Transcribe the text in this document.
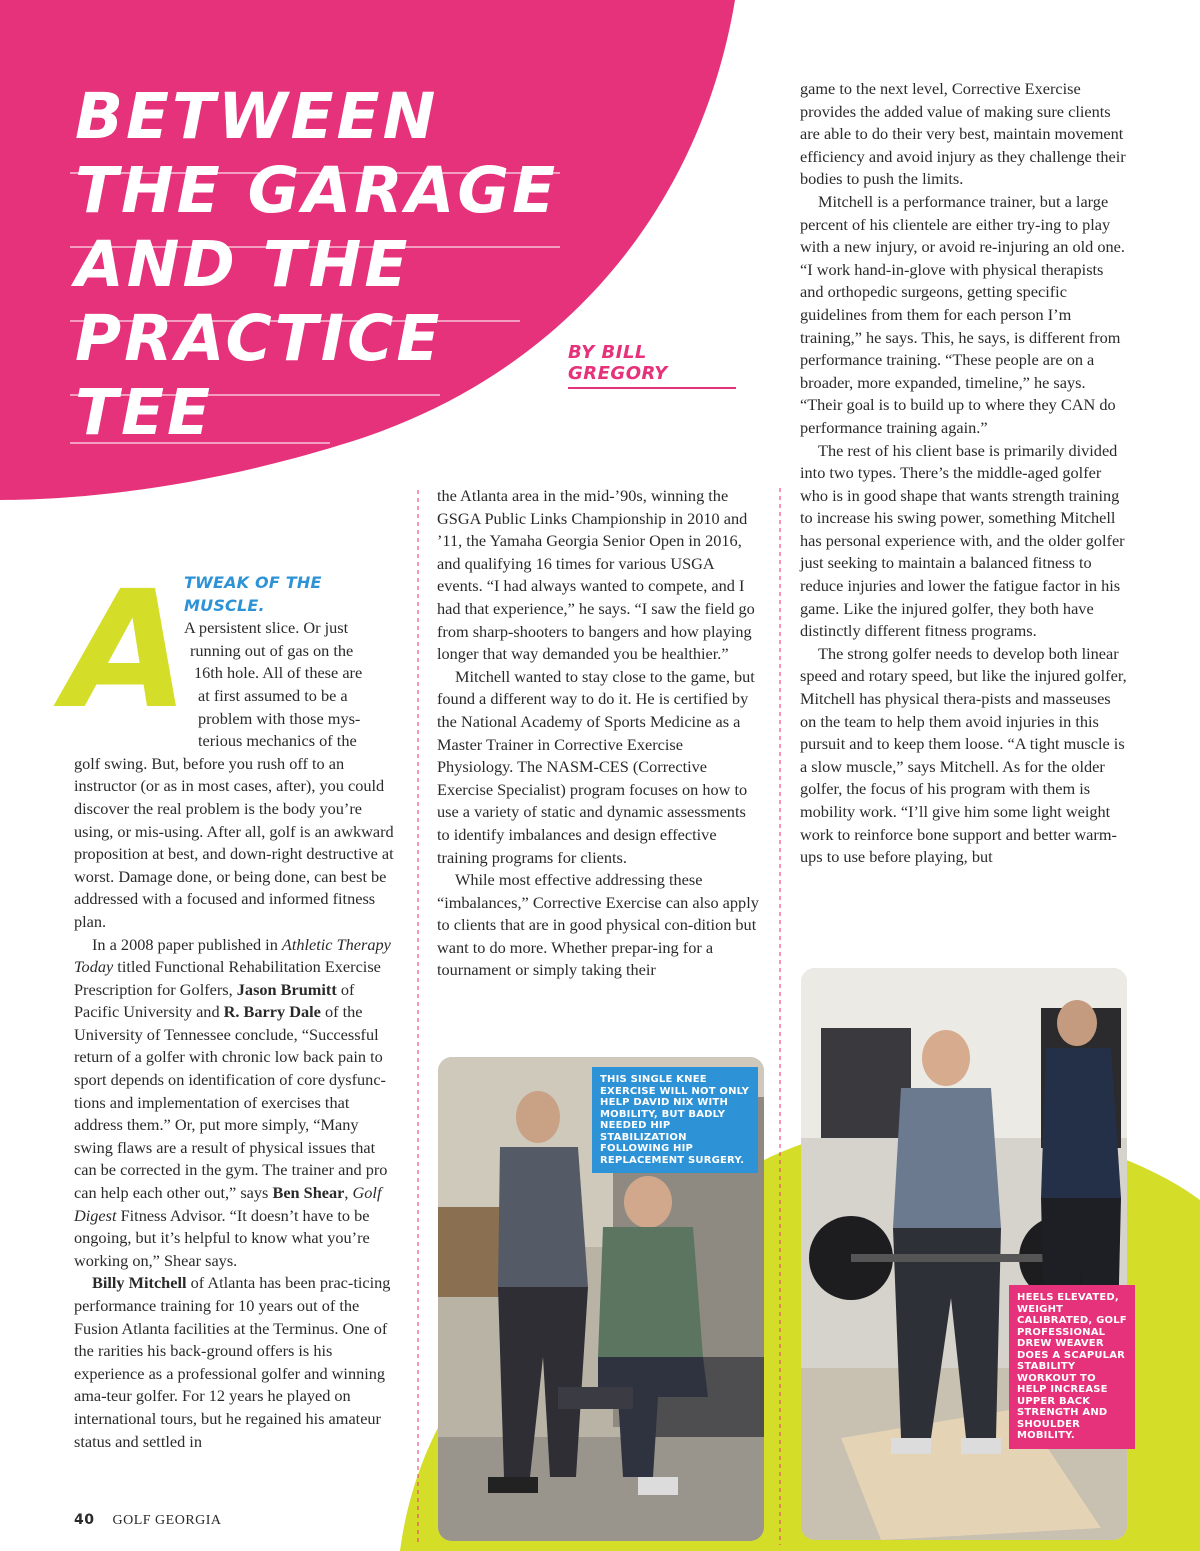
BETWEEN
THE GARAGE
AND THE
PRACTICE
TEE
BY BILL GREGORY
A
TWEAK OF THE MUSCLE.
A persistent slice. Or just
running out of gas on the
16th hole. All of these are
at first assumed to be a
problem with those mys-
terious mechanics of the

golf swing. But, before you rush off to an instructor (or as in most cases, after), you could discover the real problem is the body you’re using, or mis-using. After all, golf is an awkward proposition at best, and down-right destructive at worst. Damage done, or being done, can best be addressed with a focused and informed fitness plan.

In a 2008 paper published in Athletic Therapy Today titled Functional Rehabilitation Exercise Prescription for Golfers, Jason Brumitt of Pacific University and R. Barry Dale of the University of Tennessee conclude, “Successful return of a golfer with chronic low back pain to sport depends on identification of core dysfunc-tions and implementation of exercises that address them.” Or, put more simply, “Many swing flaws are a result of physical issues that can be corrected in the gym. The trainer and pro can help each other out,” says Ben Shear, Golf Digest Fitness Advisor. “It doesn’t have to be ongoing, but it’s helpful to know what you’re working on,” Shear says.

Billy Mitchell of Atlanta has been prac-ticing performance training for 10 years out of the Fusion Atlanta facilities at the Terminus. One of the rarities his back-ground offers is his experience as a professional golfer and winning ama-teur golfer. For 12 years he played on international tours, but he regained his amateur status and settled in

the Atlanta area in the mid-’90s, winning the GSGA Public Links Championship in 2010 and ’11, the Yamaha Georgia Senior Open in 2016, and qualifying 16 times for various USGA events. “I had always wanted to compete, and I had that experience,” he says. “I saw the field go from sharp-shooters to bangers and how playing longer that way demanded you be healthier.”

Mitchell wanted to stay close to the game, but found a different way to do it. He is certified by the National Academy of Sports Medicine as a Master Trainer in Corrective Exercise Physiology. The NASM-CES (Corrective Exercise Specialist) program focuses on how to use a variety of static and dynamic assessments to identify imbalances and design effective training programs for clients.

While most effective addressing these “imbalances,” Corrective Exercise can also apply to clients that are in good physical con-dition but want to do more. Whether prepar-ing for a tournament or simply taking their

game to the next level, Corrective Exercise provides the added value of making sure clients are able to do their very best, maintain movement efficiency and avoid injury as they challenge their bodies to push the limits.

Mitchell is a performance trainer, but a large percent of his clientele are either try-ing to play with a new injury, or avoid re-injuring an old one. “I work hand-in-glove with physical therapists and orthopedic surgeons, getting specific guidelines from them for each person I’m training,” he says. This, he says, is different from performance training. “These people are on a broader, more expanded, timeline,” he says. “Their goal is to build up to where they CAN do performance training again.”

The rest of his client base is primarily divided into two types. There’s the middle-aged golfer who is in good shape that wants strength training to increase his swing power, something Mitchell has personal experience with, and the older golfer just seeking to maintain a balanced fitness to reduce injuries and lower the fatigue factor in his game. Like the injured golfer, they both have distinctly different fitness programs.

The strong golfer needs to develop both linear speed and rotary speed, but like the injured golfer, Mitchell has physical thera-pists and masseuses on the team to help them avoid injuries in this pursuit and to keep them loose. “A tight muscle is a slow muscle,” says Mitchell. As for the older golfer, the focus of his program with them is mobility work. “I’ll give him some light weight work to reinforce bone support and better warm-ups to use before playing, but

THIS SINGLE KNEE EXERCISE WILL NOT ONLY HELP DAVID NIX WITH MOBILITY, BUT BADLY NEEDED HIP STABILIZATION FOLLOWING HIP REPLACEMENT SURGERY.
HEELS ELEVATED, WEIGHT CALIBRATED, GOLF PROFESSIONAL DREW WEAVER DOES A SCAPULAR STABILITY WORKOUT TO HELP INCREASE UPPER BACK STRENGTH AND SHOULDER MOBILITY.
40 GOLF GEORGIA
